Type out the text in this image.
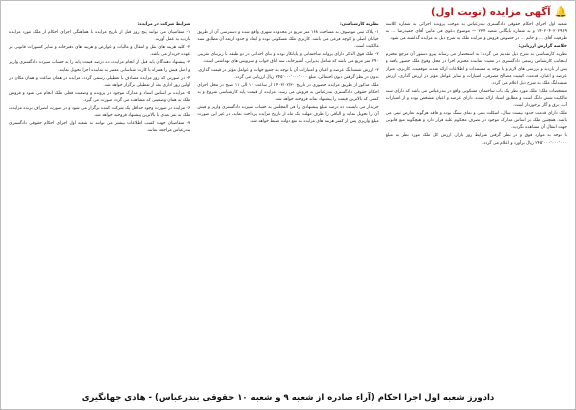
🔔
آگهی مزایده (نوبت اول)

شعبه اول اجرای احکام حقوقی دادگستری بندرعباس به موجب پرونده اجرائی به شماره کلاسه ۱۴۰۲۰۴۰۲۰۲۹۶۹ و به شماره بایگانی شعبه ۲۳۴ — موضوع دعوی فی مابین آقای حمیدرضا ... به طرفیت آقای ... و خانم ... در خصوص فروش و مزایده ملک به شرح ذیل به مزایده گذاشته می شود.

خلاصه گزارش ارزیابی:

نظریه کارشناسی به شرح ذیل تقدیم می گردد: به استحضار می رساند پیرو دستور آن مرجع محترم اینجانب کارشناس رسمی دادگستری در معیت نماینده محترم اجرا در محل وقوع ملک حضور یافته و پس از بازدید و بررسی های لازم و با توجه به مستندات و اطلاعات ارائه شده، موقعیت، کاربری، متراژ عرصه و اعیان، قدمت، کیفیت مصالح مصرفی، امتیازات و سایر عوامل مؤثر در ارزش گذاری، ارزش ششدانگ ملک به شرح ذیل اعلام می گردد.

مشخصات ملک: ملک مورد نظر یک باب ساختمان مسکونی واقع در بندرعباس می باشد که دارای سند مالکیت شش دانگ است و مطابق اسناد ارائه شده، دارای عرصه و اعیان مشخص بوده و از امتیازات آب، برق و گاز برخوردار است.

ملک دارای قدمت حدود بیست سال، اسکلت بتنی و نمای سنگ بوده و فاقد هرگونه تعارض ثبتی می باشد. همچنین ملک بر اساس مدارک موجود در تصرف محکوم علیه قرار دارد و هیچگونه منع قانونی جهت انتقال آن مشاهده نگردید.

با توجه به موارد فوق و در نظر گرفتن شرایط روز بازار، ارزش کل ملک مورد نظر به مبلغ ۲۴۵٬۰۰۰٬۰۰۰٬۰۰۰ ریال برآورد و اعلام می گردد.

نظریه کارشناسی:

۱- پلاک ثبتی موصوف به مساحت ۱۶۸ متر مربع در محدوده شهری واقع شده و دسترسی آن از طریق خیابان اصلی و کوچه فرعی می باشد. کاربری ملک مسکونی بوده و ابعاد و حدود اربعه آن مطابق سند مالکیت است.

۲- ملک فوق الذکر دارای پروانه ساختمانی و پایانکار بوده و بنای احداثی در دو طبقه با زیربنای تقریبی ۲۹۰ متر مربع می باشد که شامل پذیرایی، آشپزخانه، سه اتاق خواب و سرویس های بهداشتی است.

۳- ارزش ششدانگ عرصه و اعیان و امتیازات آن با توجه به جمیع جهات و عوامل مؤثر در قیمت گذاری، بدون در نظر گرفتن دیون احتمالی، مبلغ ۲۴۵٬۰۰۰٬۰۰۰٬۰۰۰ ریال ارزیابی می گردد.

ملک مذکور از طریق مزایده حضوری در تاریخ ۱۴۰۳/۰۲/۳۰ از ساعت ۱۰ الی ۱۱ صبح در محل اجرای احکام حقوقی دادگستری بندرعباس به فروش می رسد. مزایده از قیمت پایه کارشناسی شروع و به کسی که بالاترین قیمت را پیشنهاد نماید فروخته خواهد شد.

خریدار می بایست ده درصد مبلغ پیشنهادی را فی المجلس به حساب سپرده دادگستری واریز و فیش آن را تحویل نماید و الباقی را ظرف مهلت یک ماه از تاریخ مزایده پرداخت نماید، در غیر این صورت مبلغ واریزی پس از کسر هزینه های مزایده به نفع دولت ضبط خواهد شد.

شرایط شرکت در مزایده:

۱- متقاضیان می توانند پنج روز قبل از تاریخ مزایده با هماهنگی اجرای احکام از ملک مورد مزایده بازدید به عمل آورند.

۲- کلیه هزینه های نقل و انتقال و مالیات و عوارض و هزینه های دفترخانه و سایر کسورات قانونی بر عهده خریدار می باشد.

۳- پیشنهاد دهندگان باید قبل از انجام مزایده، ده درصد قیمت پایه را به حساب سپرده دادگستری واریز و اصل فیش را همراه با کارت شناسایی معتبر به نماینده اجرا تحویل نمایند.

۴- در صورتی که روز مزایده مصادف با تعطیلی رسمی گردد، مزایده در همان ساعت و همان مکان در اولین روز اداری بعد از تعطیلی برگزار خواهد شد.

۵- مزایده بر اساس اسناد و مدارک موجود در پرونده و وضعیت فعلی ملک انجام می شود و فروش ملک به همان وضعیتی که مشاهده می گردد صورت می گیرد.

۶- مزایده در صورت وجود حداقل یک شرکت کننده برگزار می شود و در صورت انصراف برنده مزایده، ملک به نفر بعدی با بالاترین پیشنهاد فروخته خواهد شد.

۷- متقاضیان جهت کسب اطلاعات بیشتر می توانند به شعبه اول اجرای احکام حقوقی دادگستری بندرعباس مراجعه نمایند.

دادورز شعبه اول اجرا احکام (آراء صادره از شعبه ۹ و شعبه ۱۰ حقوقی بندرعباس) - هادی جهانگیری
